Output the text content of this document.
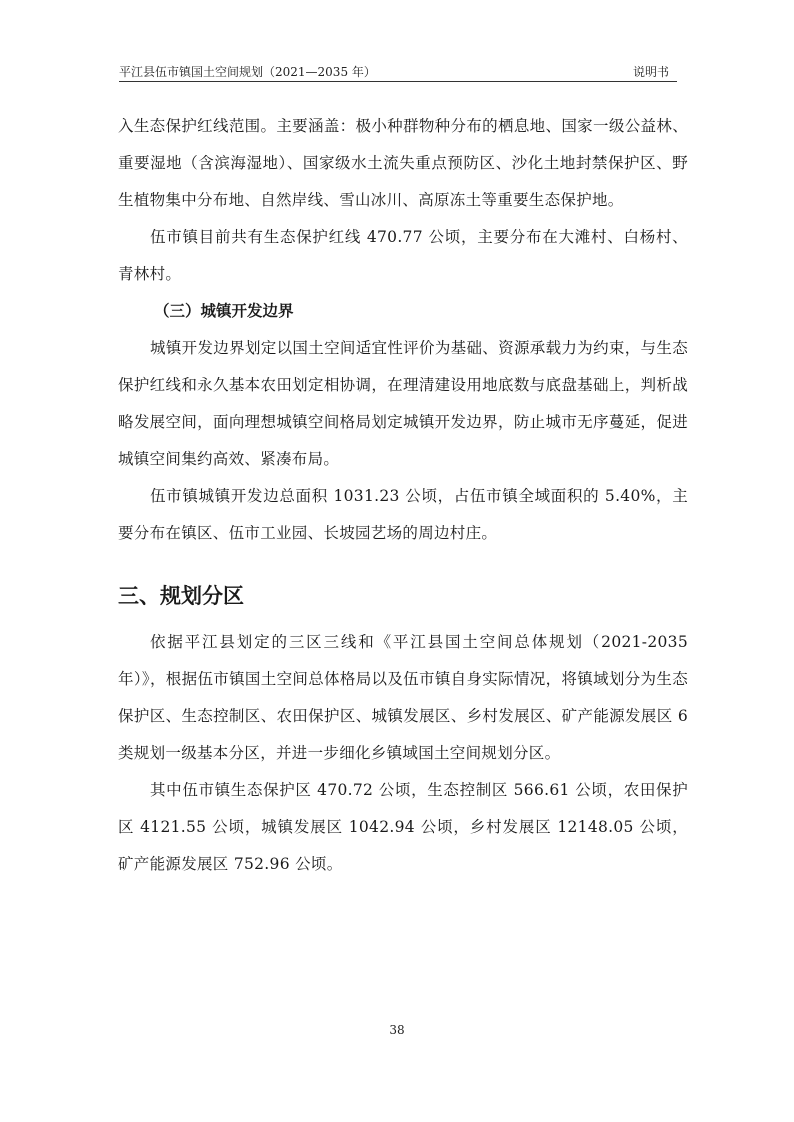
平江县伍市镇国土空间规划（2021—2035 年）	说明书

入生态保护红线范围。主要涵盖：极小种群物种分布的栖息地、国家一级公益林、重要湿地（含滨海湿地）、国家级水土流失重点预防区、沙化土地封禁保护区、野生植物集中分布地、自然岸线、雪山冰川、高原冻土等重要生态保护地。

伍市镇目前共有生态保护红线 470.77 公顷，主要分布在大滩村、白杨村、青林村。

（三）城镇开发边界

城镇开发边界划定以国土空间适宜性评价为基础、资源承载力为约束，与生态保护红线和永久基本农田划定相协调，在理清建设用地底数与底盘基础上，判析战略发展空间，面向理想城镇空间格局划定城镇开发边界，防止城市无序蔓延，促进城镇空间集约高效、紧凑布局。

伍市镇城镇开发边总面积 1031.23 公顷，占伍市镇全域面积的 5.40%，主要分布在镇区、伍市工业园、长坡园艺场的周边村庄。

三、规划分区

依据平江县划定的三区三线和《平江县国土空间总体规划（2021-2035 年）》，根据伍市镇国土空间总体格局以及伍市镇自身实际情况，将镇域划分为生态保护区、生态控制区、农田保护区、城镇发展区、乡村发展区、矿产能源发展区 6 类规划一级基本分区，并进一步细化乡镇域国土空间规划分区。

其中伍市镇生态保护区 470.72 公顷，生态控制区 566.61 公顷，农田保护区 4121.55 公顷，城镇发展区 1042.94 公顷，乡村发展区 12148.05 公顷，矿产能源发展区 752.96 公顷。

38
